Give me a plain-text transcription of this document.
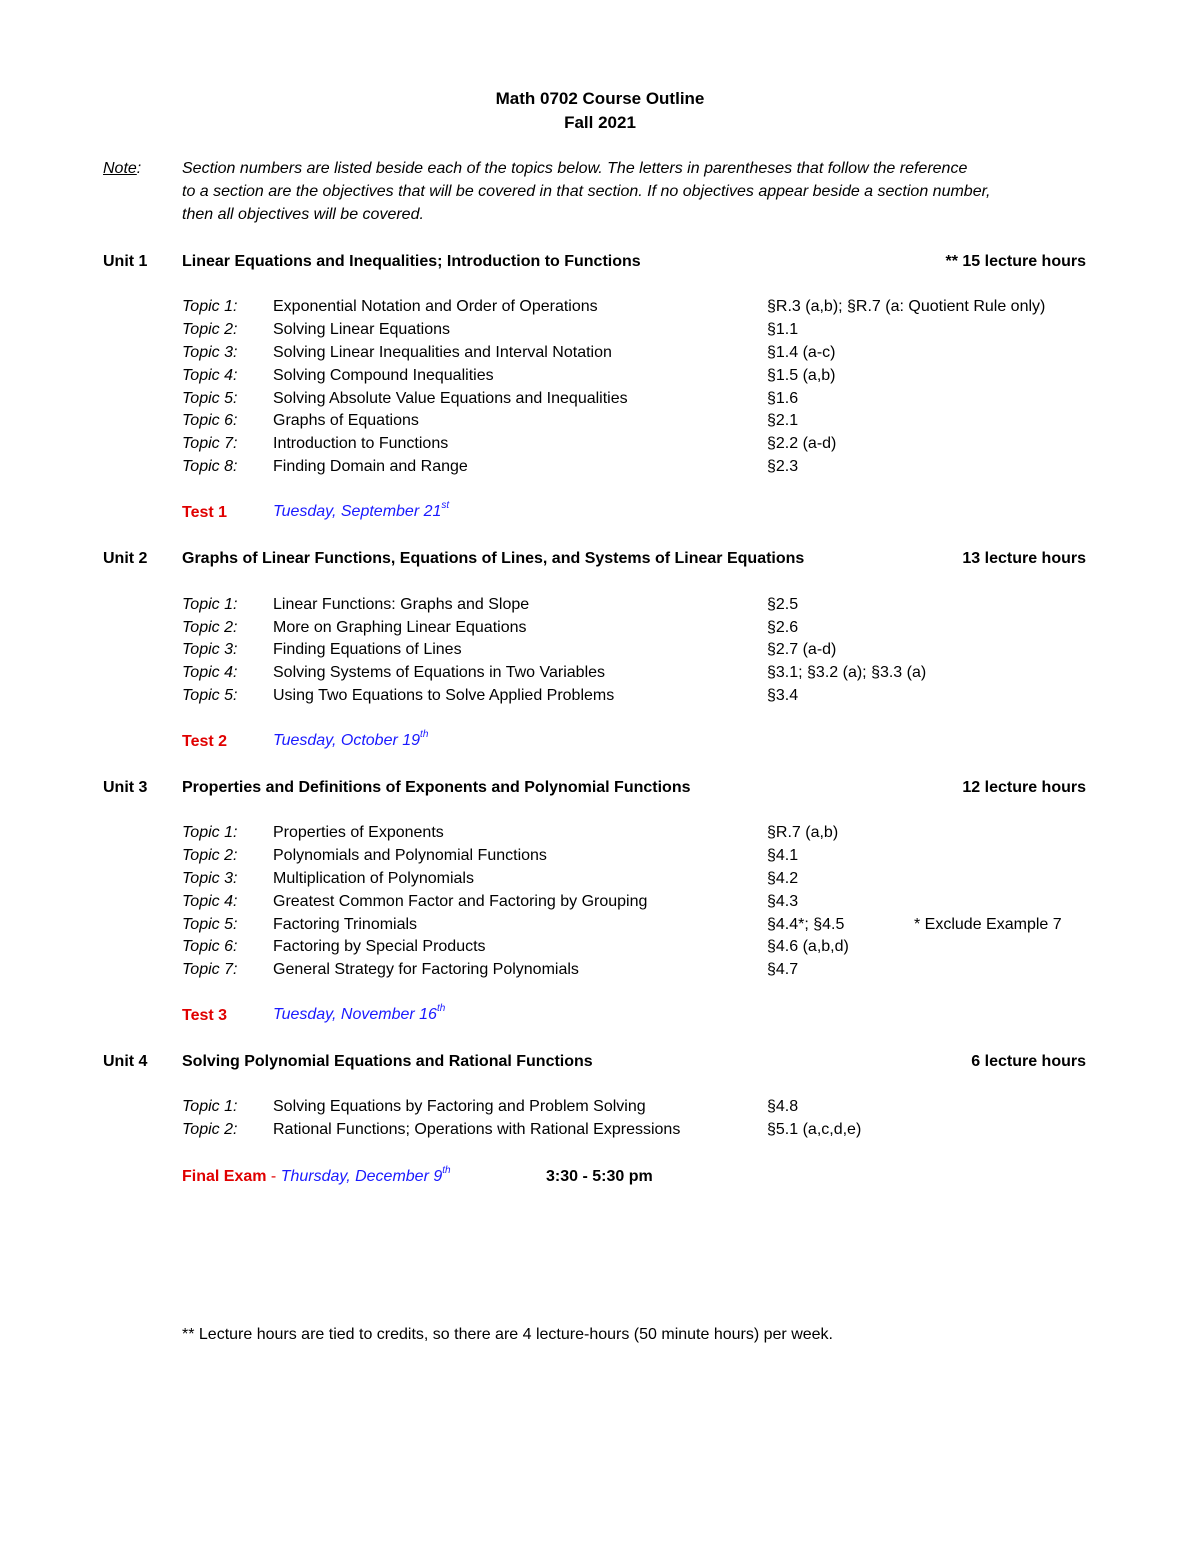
Math 0702 Course Outline
Fall 2021
Note:	Section numbers are listed beside each of the topics below. The letters in parentheses that follow the reference
to a section are the objectives that will be covered in that section. If no objectives appear beside a section number,
then all objectives will be covered.
Unit 1 Linear Equations and Inequalities; Introduction to Functions	** 15 lecture hours
Topic 1: Exponential Notation and Order of Operations	§R.3 (a,b); §R.7 (a: Quotient Rule only)
Topic 2: Solving Linear Equations	§1.1
Topic 3: Solving Linear Inequalities and Interval Notation	§1.4 (a-c)
Topic 4: Solving Compound Inequalities	§1.5 (a,b)
Topic 5: Solving Absolute Value Equations and Inequalities	§1.6
Topic 6: Graphs of Equations	§2.1
Topic 7: Introduction to Functions	§2.2 (a-d)
Topic 8: Finding Domain and Range	§2.3
Test 1	Tuesday, September 21st
Unit 2 Graphs of Linear Functions, Equations of Lines, and Systems of Linear Equations	13 lecture hours
Topic 1: Linear Functions: Graphs and Slope	§2.5
Topic 2: More on Graphing Linear Equations	§2.6
Topic 3: Finding Equations of Lines	§2.7 (a-d)
Topic 4: Solving Systems of Equations in Two Variables	§3.1; §3.2 (a); §3.3 (a)
Topic 5: Using Two Equations to Solve Applied Problems	§3.4
Test 2	Tuesday, October 19th
Unit 3 Properties and Definitions of Exponents and Polynomial Functions	12 lecture hours
Topic 1: Properties of Exponents	§R.7 (a,b)
Topic 2: Polynomials and Polynomial Functions	§4.1
Topic 3: Multiplication of Polynomials	§4.2
Topic 4: Greatest Common Factor and Factoring by Grouping	§4.3
Topic 5: Factoring Trinomials	§4.4*; §4.5	* Exclude Example 7
Topic 6: Factoring by Special Products	§4.6 (a,b,d)
Topic 7: General Strategy for Factoring Polynomials	§4.7
Test 3	Tuesday, November 16th
Unit 4 Solving Polynomial Equations and Rational Functions	6 lecture hours
Topic 1: Solving Equations by Factoring and Problem Solving	§4.8
Topic 2: Rational Functions; Operations with Rational Expressions	§5.1 (a,c,d,e)
Final Exam - Thursday, December 9th	3:30 - 5:30 pm
** Lecture hours are tied to credits, so there are 4 lecture-hours (50 minute hours) per week.
